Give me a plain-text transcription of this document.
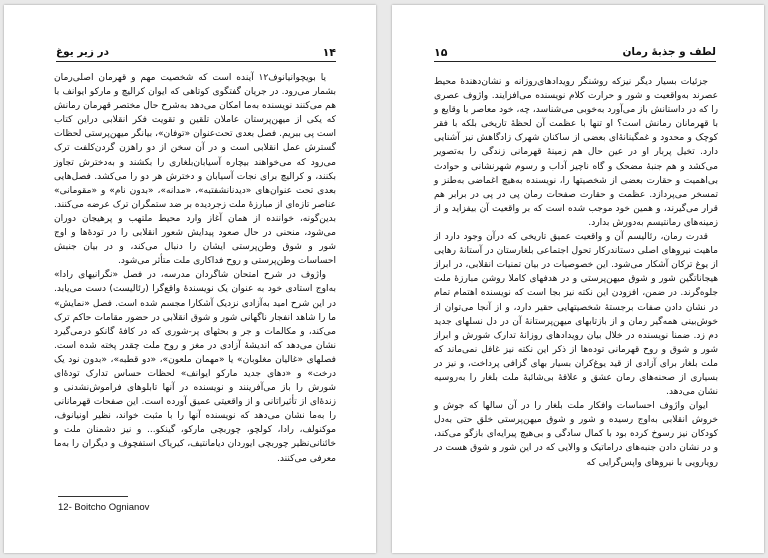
در زیر یوغ	١۴

یا بویچوانیانوف۱۲ آینده است که شخصیت مهم و قهرمان اصلی‌رمان بشمار می‌رود. در جریان گفتگوی کوتاهی که ایوان کرالیچ و مارکو ایوانف با هم می‌کنند نویسنده به‌ما امکان می‌دهد به‌شرح حال مختصر قهرمان رمانش که یکی از میهن‌پرستان عاملان تلقین و تقویت فکر انقلابی دراین کتاب است پی ببریم. فصل بعدی تحت‌عنوان «توفان»، بیانگر میهن‌پرستی لحظات گسترش عمل انقلابی است و در آن سخن از دو راهزن گردن‌کلفت ترک می‌رود که می‌خواهند بیچاره آسیابان‌بلغاری را بکشند و به‌دخترش تجاوز بکنند، و کرالیچ برای نجات آسیابان و دخترش هر دو را می‌کشد. فصل‌هایی بعدی تحت عنوان‌های «دیدنانشفتبه»، «مدانه»، «بدون نام» و «مقومانی» عناصر تازه‌ای از مبارزهٔ ملت زجردیده بر ضد ستمگران ترک عرضه می‌کنند. بدین‌گونه، خواننده از همان آغاز وارد محیط ملتهب و پرهیجان دوران می‌شود، منحنی در حال صعود پیدایش شعور انقلابی را در تودهٔ‌ها و اوج شور و شوق وطن‌پرستی ایشان را دنبال می‌کند، و در بیان جنبش احساسات وطن‌پرستی و روح فداکاری ملت متأثر می‌شود.

واژوف در شرح امتحان شاگردان مدرسه، در فصل «نگرانیهای رادا» به‌اوج استادی خود به عنوان یک نویسندهٔ واقع‌گرا (رئالیست) دست می‌یابد. در این شرح امید به‌آزادی نزدیک آشکارا مجسم شده است. فصل «نمایش» ما را شاهد انفجار ناگهانی شور و شوق انقلابی در حضور مقامات حاکم ترک می‌کند، و مکالمات و جر و بحثهای پر-شوری که در کافهٔ گانکو درمی‌گیرد نشان می‌دهد که اندیشهٔ آزادی در مغز و روح ملت چقدر پخته شده است. فصلهای «غالیان مغلوبان» یا «مهمان ملعون»، «دو قطبه»، «بدون نود یک درخت» و «دهای جدید مارکو ایوانف» لحظات حساس تدارک تودهٔ‌ای شورش را باز می‌آفرینند و نویسنده در آنها تابلوهای فراموش‌نشدنی و زندهٔ‌ای از تأثیراتانی و از واقعیتی عمیق آورده است. این صفحات قهرمانانی را به‌ما نشان می‌دهد که نویسنده آنها را با مثبت خواند، نظیر اونیانوف، موکنولف، رادا، کولچو، چوربچی مارکو، گینکو... و نیز دشمنان ملت و خائنانی‌نظیر چوربچی ایوردان دیامانتیف، کیریاک استفچوف و دیگران را به‌ما معرفی می‌کنند.

12- Boitcho Ognianov
١۵	لطف و جذبهٔ رمان

جزئیات بسیار دیگر نیزکه روشنگر رویدادهای‌روزانه و نشان‌دهندهٔ محیط عصرند به‌واقعیت و شور و حرارت کلام نویسنده می‌افزایند. واژوف عصری را که در داستانش باز می‌آورد به‌خوبی می‌شناسد، چه، خود معاصر با وقایع و با قهرمانان رمانش است؟ او تنها با عظمت آن لحظهٔ تاریخی بلکه با فقر کوچک و محدود و غمگینانهٔ‌ای بعضی از ساکنان شهرک زادگاهش نیز آشنایی دارد. تخیل پربار او در عین حال هم زمینهٔ قهرمانی زندگی را به‌تصویر می‌کشد و هم جنبهٔ مضحک و گاه ناچیز آداب و رسوم شهرنشانی و حوادث بی‌اهمیت و حقارت بعضی از شخصیتها را، نویسنده به‌هیچ اغماضی به‌طنز و تمسخر می‌پردازد. عظمت و حقارت صفحات رمان پی در پی در برابر هم قرار می‌گیرند، و همین خود موجب شده است که بر واقعیت آن بیفزاید و از زمینه‌های رمانتیسم به‌دورش بدارد.

قدرت رمان، رئالیسم آن و واقعیت عمیق تاریخی که درآن وجود دارد از ماهیت نیروهای اصلی دستاندرکار تحول اجتماعی بلغارستان در آستانهٔ رهایی از یوغ ترکان آشکار می‌شود. این خصوصیات در بیان تمنیات انقلابی، در ابراز هیجاناتگین شور و شوق میهن‌پرستی و در هدفهای کاملا روشن مبارزهٔ ملت جلوه‌گرند. در ضمن، افزودن این نکته نیز بجا است که نویسنده اهتمام تمام در نشان دادن صفات برجستهٔ شخصیتهایی حقیر دارد، و از آنجا می‌توان از خوش‌بینی همه‌گیر رمان و از بازتابهای میهن‌پرستانهٔ آن در دل نسلهای جدید دم زد. ضمنا نویسنده در خلال بیان رویدادهای روزانهٔ تدارک شورش و ابراز شور و شوق و روح قهرمانی توده‌ها از ذکر این نکته نیز غافل نمی‌ماند که ملت بلغار برای آزادی از قید یوغ‌کران بسیار بهای گزافی پرداخت، و نیز در بسیاری از صحنه‌های رمان عشق و علاقهٔ بی‌شائبهٔ ملت بلغار را به‌روسیه نشان می‌دهد.

ایوان واژوف احساسات وافکار ملت بلغار را در آن سالها که جوش و خروش انقلابی به‌اوج رسیده و شور و شوق میهن‌پرستی خلق حتی به‌دل کودکان نیز رسوخ کرده بود با کمال سادگی و بی‌هیچ پیرایه‌ای بازگو می‌کند، و در نشان دادن جنبه‌های دراماتیک و والایی که در این شور و شوق هست در رویارویی با نیروهای واپس‌گرایی که
